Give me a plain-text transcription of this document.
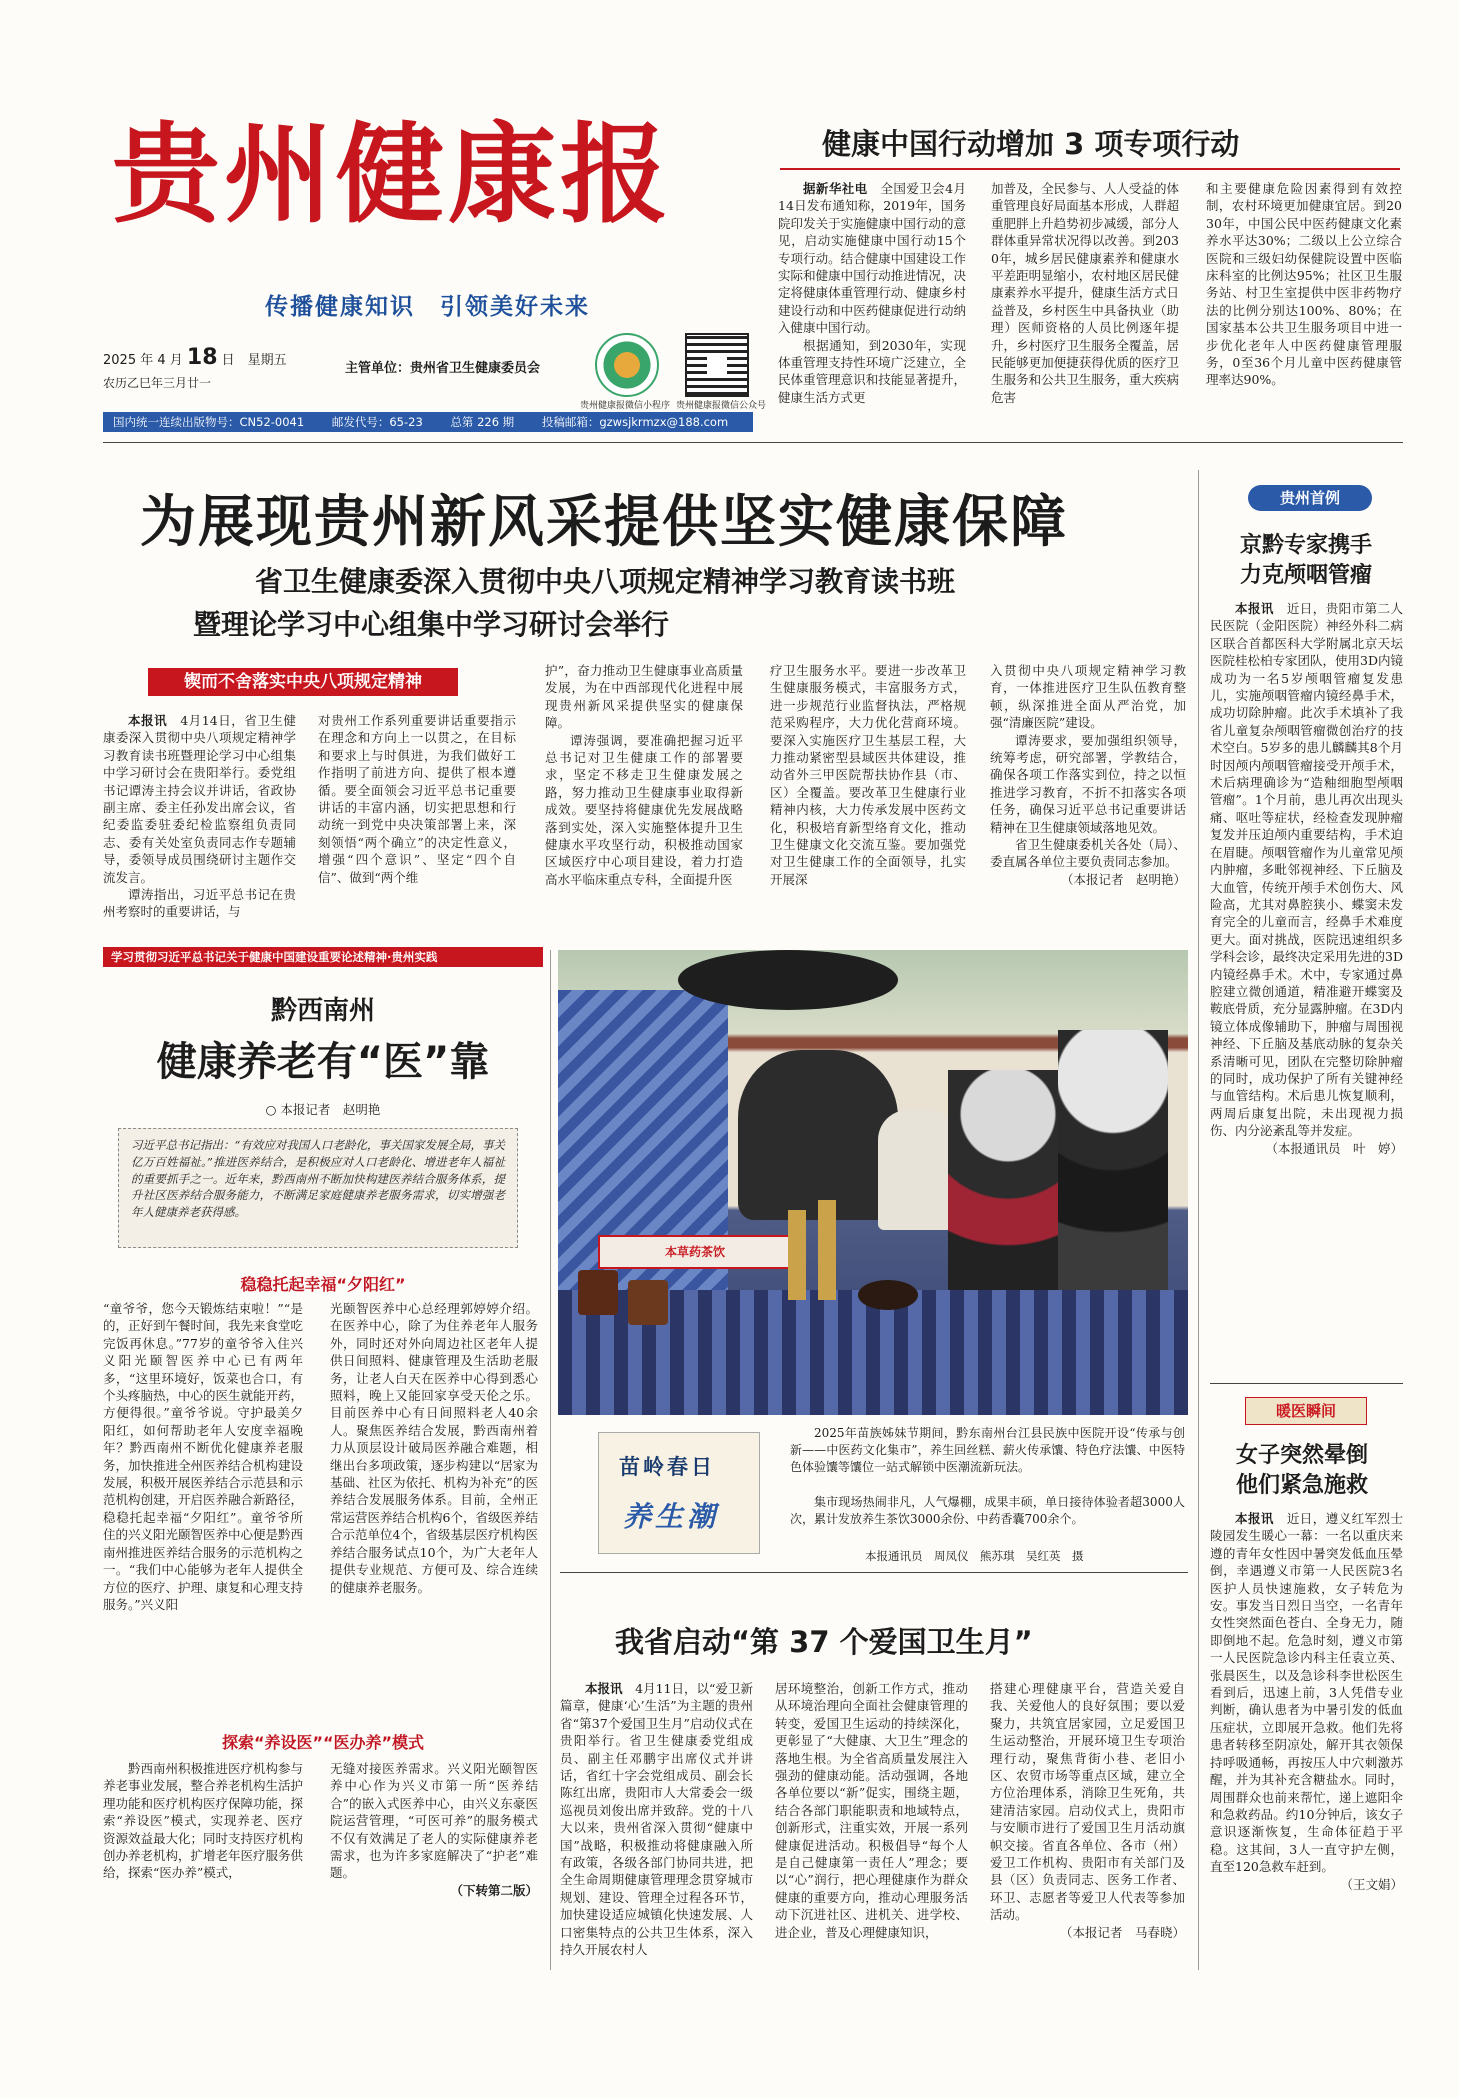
贵州健康报
传播健康知识　引领美好未来
2025 年 4 月 18 日　星期五
农历乙巳年三月廿一
主管单位：贵州省卫生健康委员会
贵州健康报微信小程序 贵州健康报微信公众号
国内统一连续出版物号：CN52-0041 邮发代号：65-23 总第 226 期 投稿邮箱：gzwsjkrmzx@188.com
健康中国行动增加 3 项专项行动

据新华社电　 全国爱卫会4月14日发布通知称，2019年，国务院印发关于实施健康中国行动的意见，启动实施健康中国行动15个专项行动。结合健康中国建设工作实际和健康中国行动推进情况，决定将健康体重管理行动、健康乡村建设行动和中医药健康促进行动纳入健康中国行动。

根据通知，到2030年，实现体重管理支持性环境广泛建立，全民体重管理意识和技能显著提升，健康生活方式更

加普及，全民参与、人人受益的体重管理良好局面基本形成，人群超重肥胖上升趋势初步减缓，部分人群体重异常状况得以改善。到2030年，城乡居民健康素养和健康水平差距明显缩小，农村地区居民健康素养水平提升，健康生活方式日益普及，乡村医生中具备执业（助理）医师资格的人员比例逐年提升，乡村医疗卫生服务全覆盖，居民能够更加便捷获得优质的医疗卫生服务和公共卫生服务，重大疾病危害

和主要健康危险因素得到有效控制，农村环境更加健康宜居。到2030年，中国公民中医药健康文化素养水平达30%；二级以上公立综合医院和三级妇幼保健院设置中医临床科室的比例达95%；社区卫生服务站、村卫生室提供中医非药物疗法的比例分别达100%、80%；在国家基本公共卫生服务项目中进一步优化老年人中医药健康管理服务，0至36个月儿童中医药健康管理率达90%。

为展现贵州新风采提供坚实健康保障
省卫生健康委深入贯彻中央八项规定精神学习教育读书班
暨理论学习中心组集中学习研讨会举行
锲而不舍落实中央八项规定精神

本报讯　 4月14日，省卫生健康委深入贯彻中央八项规定精神学习教育读书班暨理论学习中心组集中学习研讨会在贵阳举行。委党组书记谭涛主持会议并讲话，省政协副主席、委主任孙发出席会议，省纪委监委驻委纪检监察组负责同志、委有关处室负责同志作专题辅导，委领导成员围绕研讨主题作交流发言。

谭涛指出，习近平总书记在贵州考察时的重要讲话，与

对贵州工作系列重要讲话重要指示在理念和方向上一以贯之，在目标和要求上与时俱进，为我们做好工作指明了前进方向、提供了根本遵循。要全面领会习近平总书记重要讲话的丰富内涵，切实把思想和行动统一到党中央决策部署上来，深刻领悟“两个确立”的决定性意义，增强“四个意识”、坚定“四个自信”、做到“两个维

护”，奋力推动卫生健康事业高质量发展，为在中西部现代化进程中展现贵州新风采提供坚实的健康保障。

谭涛强调，要准确把握习近平总书记对卫生健康工作的部署要求，坚定不移走卫生健康发展之路，努力推动卫生健康事业取得新成效。要坚持将健康优先发展战略落到实处，深入实施整体提升卫生健康水平攻坚行动，积极推动国家区域医疗中心项目建设，着力打造高水平临床重点专科，全面提升医

疗卫生服务水平。要进一步改革卫生健康服务模式，丰富服务方式，进一步规范行业监督执法，严格规范采购程序，大力优化营商环境。要深入实施医疗卫生基层工程，大力推动紧密型县域医共体建设，推动省外三甲医院帮扶协作县（市、区）全覆盖。要改革卫生健康行业精神内核，大力传承发展中医药文化，积极培育新型络育文化，推动卫生健康文化交流互鉴。要加强党对卫生健康工作的全面领导，扎实开展深

入贯彻中央八项规定精神学习教育，一体推进医疗卫生队伍教育整顿，纵深推进全面从严治党，加强“清廉医院”建设。

谭涛要求，要加强组织领导，统筹考虑，研究部署，学教结合，确保各项工作落实到位，持之以恒推进学习教育，不折不扣落实各项任务，确保习近平总书记重要讲话精神在卫生健康领域落地见效。

省卫生健康委机关各处（局）、委直属各单位主要负责同志参加。

（本报记者　赵明艳）

学习贯彻习近平总书记关于健康中国建设重要论述精神·贵州实践
黔西南州
健康养老有“医”靠
○ 本报记者　赵明艳
习近平总书记指出：“有效应对我国人口老龄化，事关国家发展全局，事关亿万百姓福祉。”推进医养结合，是积极应对人口老龄化、增进老年人福祉的重要抓手之一。近年来，黔西南州不断加快构建医养结合服务体系，提升社区医养结合服务能力，不断满足家庭健康养老服务需求，切实增强老年人健康养老获得感。
稳稳托起幸福“夕阳红”

“童爷爷，您今天锻炼结束啦！”“是的，正好到午餐时间，我先来食堂吃完饭再休息。”77岁的童爷爷入住兴义阳光颐智医养中心已有两年多，“这里环境好，饭菜也合口，有个头疼脑热，中心的医生就能开药，方便得很。”童爷爷说。守护最美夕阳红，如何帮助老年人安度幸福晚年？黔西南州不断优化健康养老服务，加快推进全州医养结合机构建设发展，积极开展医养结合示范县和示范机构创建，开启医养融合新路径，稳稳托起幸福“夕阳红”。童爷爷所住的兴义阳光颐智医养中心便是黔西南州推进医养结合服务的示范机构之一。“我们中心能够为老年人提供全方位的医疗、护理、康复和心理支持服务。”兴义阳

光颐智医养中心总经理郭婷婷介绍。在医养中心，除了为住养老年人服务外，同时还对外向周边社区老年人提供日间照料、健康管理及生活助老服务，让老人白天在医养中心得到悉心照料，晚上又能回家享受天伦之乐。目前医养中心有日间照料老人40余人。聚焦医养结合发展，黔西南州着力从顶层设计破局医养融合难题，相继出台多项政策，逐步构建以“居家为基础、社区为依托、机构为补充”的医养结合发展服务体系。目前，全州正常运营医养结合机构6个，省级医养结合示范单位4个，省级基层医疗机构医养结合服务试点10个，为广大老年人提供专业规范、方便可及、综合连续的健康养老服务。

探索“养设医”“医办养”模式

黔西南州积极推进医疗机构参与养老事业发展，整合养老机构生活护理功能和医疗机构医疗保障功能，探索“养设医”模式，实现养老、医疗资源效益最大化；同时支持医疗机构创办养老机构，扩增老年医疗服务供给，探索“医办养”模式，

无缝对接医养需求。兴义阳光颐智医养中心作为兴义市第一所“医养结合”的嵌入式医养中心，由兴义东豪医院运营管理，“可医可养”的服务模式不仅有效满足了老人的实际健康养老需求，也为许多家庭解决了“护老”难题。

（下转第二版）

本草药茶饮
苗岭春日
养生潮
2025年苗族姊妹节期间，黔东南州台江县民族中医院开设“传承与创新——中医药文化集市”，养生回丝糕、薪火传承馕、特色疗法馕、中医特色体验馕等馕位一站式解锁中医潮流新玩法。
集市现场热闹非凡，人气爆棚，成果丰硕，单日接待体验者超3000人次，累计发放养生茶饮3000余份、中药香囊700余个。
本报通讯员　周凤仪　熊苏琪　吴红英　摄
我省启动“第 37 个爱国卫生月”

本报讯　 4月11日，以“爱卫新篇章，健康‘心’生活”为主题的贵州省“第37个爱国卫生月”启动仪式在贵阳举行。省卫生健康委党组成员、副主任邓鹏宇出席仪式并讲话，省红十字会党组成员、副会长陈红出席，贵阳市人大常委会一级巡视员刘俊出席并致辞。党的十八大以来，贵州省深入贯彻“健康中国”战略，积极推动将健康融入所有政策，各级各部门协同共进，把全生命周期健康管理理念贯穿城市规划、建设、管理全过程各环节，加快建设适应城镇化快速发展、人口密集特点的公共卫生体系，深入持久开展农村人

居环境整治，创新工作方式，推动从环境治理向全面社会健康管理的转变，爱国卫生运动的持续深化，更彰显了“大健康、大卫生”理念的落地生根。为全省高质量发展注入强劲的健康动能。活动强调，各地各单位要以“新”促实，围绕主题，结合各部门职能职责和地域特点，创新形式，注重实效，开展一系列健康促进活动。积极倡导“每个人是自己健康第一责任人”理念；要以“心”润行，把心理健康作为群众健康的重要方向，推动心理服务活动下沉进社区、进机关、进学校、进企业，普及心理健康知识，

搭建心理健康平台，营造关爱自我、关爱他人的良好氛围；要以爱聚力，共筑宜居家园，立足爱国卫生运动整治，开展环境卫生专项治理行动，聚焦背街小巷、老旧小区、农贸市场等重点区域，建立全方位治理体系，消除卫生死角，共建清洁家园。启动仪式上，贵阳市与安顺市进行了爱国卫生月活动旗帜交接。省直各单位、各市（州）爱卫工作机构、贵阳市有关部门及县（区）负责同志、医务工作者、环卫、志愿者等爱卫人代表等参加活动。

（本报记者　马春晓）

贵州首例
京黔专家携手
力克颅咽管瘤

本报讯　 近日，贵阳市第二人民医院（金阳医院）神经外科二病区联合首都医科大学附属北京天坛医院桂松柏专家团队，使用3D内镜成功为一名5岁颅咽管瘤复发患儿，实施颅咽管瘤内镜经鼻手术，成功切除肿瘤。此次手术填补了我省儿童复杂颅咽管瘤微创治疗的技术空白。5岁多的患儿麟麟其8个月时因颅内颅咽管瘤接受开颅手术，术后病理确诊为“造釉细胞型颅咽管瘤”。1个月前，患儿再次出现头痛、呕吐等症状，经检查发现肿瘤复发并压迫颅内重要结构，手术迫在眉睫。颅咽管瘤作为儿童常见颅内肿瘤，多毗邻视神经、下丘脑及大血管，传统开颅手术创伤大、风险高，尤其对鼻腔狭小、蝶窦未发育完全的儿童而言，经鼻手术难度更大。面对挑战，医院迅速组织多学科会诊，最终决定采用先进的3D内镜经鼻手术。术中，专家通过鼻腔建立微创通道，精准避开蝶窦及鞍底骨质，充分显露肿瘤。在3D内镜立体成像辅助下，肿瘤与周围视神经、下丘脑及基底动脉的复杂关系清晰可见，团队在完整切除肿瘤的同时，成功保护了所有关键神经与血管结构。术后患儿恢复顺利，两周后康复出院，未出现视力损伤、内分泌紊乱等并发症。

（本报通讯员　叶　婷）

暖医瞬间
女子突然晕倒
他们紧急施救

本报讯　 近日，遵义红军烈士陵园发生暖心一幕：一名以重庆来遵的青年女性因中暑突发低血压晕倒，幸遇遵义市第一人民医院3名医护人员快速施救，女子转危为安。事发当日烈日当空，一名青年女性突然面色苍白、全身无力，随即倒地不起。危急时刻，遵义市第一人民医院急诊内科主任袁立英、张晨医生，以及急诊科李世松医生看到后，迅速上前，3人凭借专业判断，确认患者为中暑引发的低血压症状，立即展开急救。他们先将患者转移至阴凉处，解开其衣领保持呼吸通畅，再按压人中穴刺激苏醒，并为其补充含糖盐水。同时，周围群众也前来帮忙，递上遮阳伞和急救药品。约10分钟后，该女子意识逐渐恢复，生命体征趋于平稳。这其间，3人一直守护左侧，直至120急救车赶到。

（王文娟）
